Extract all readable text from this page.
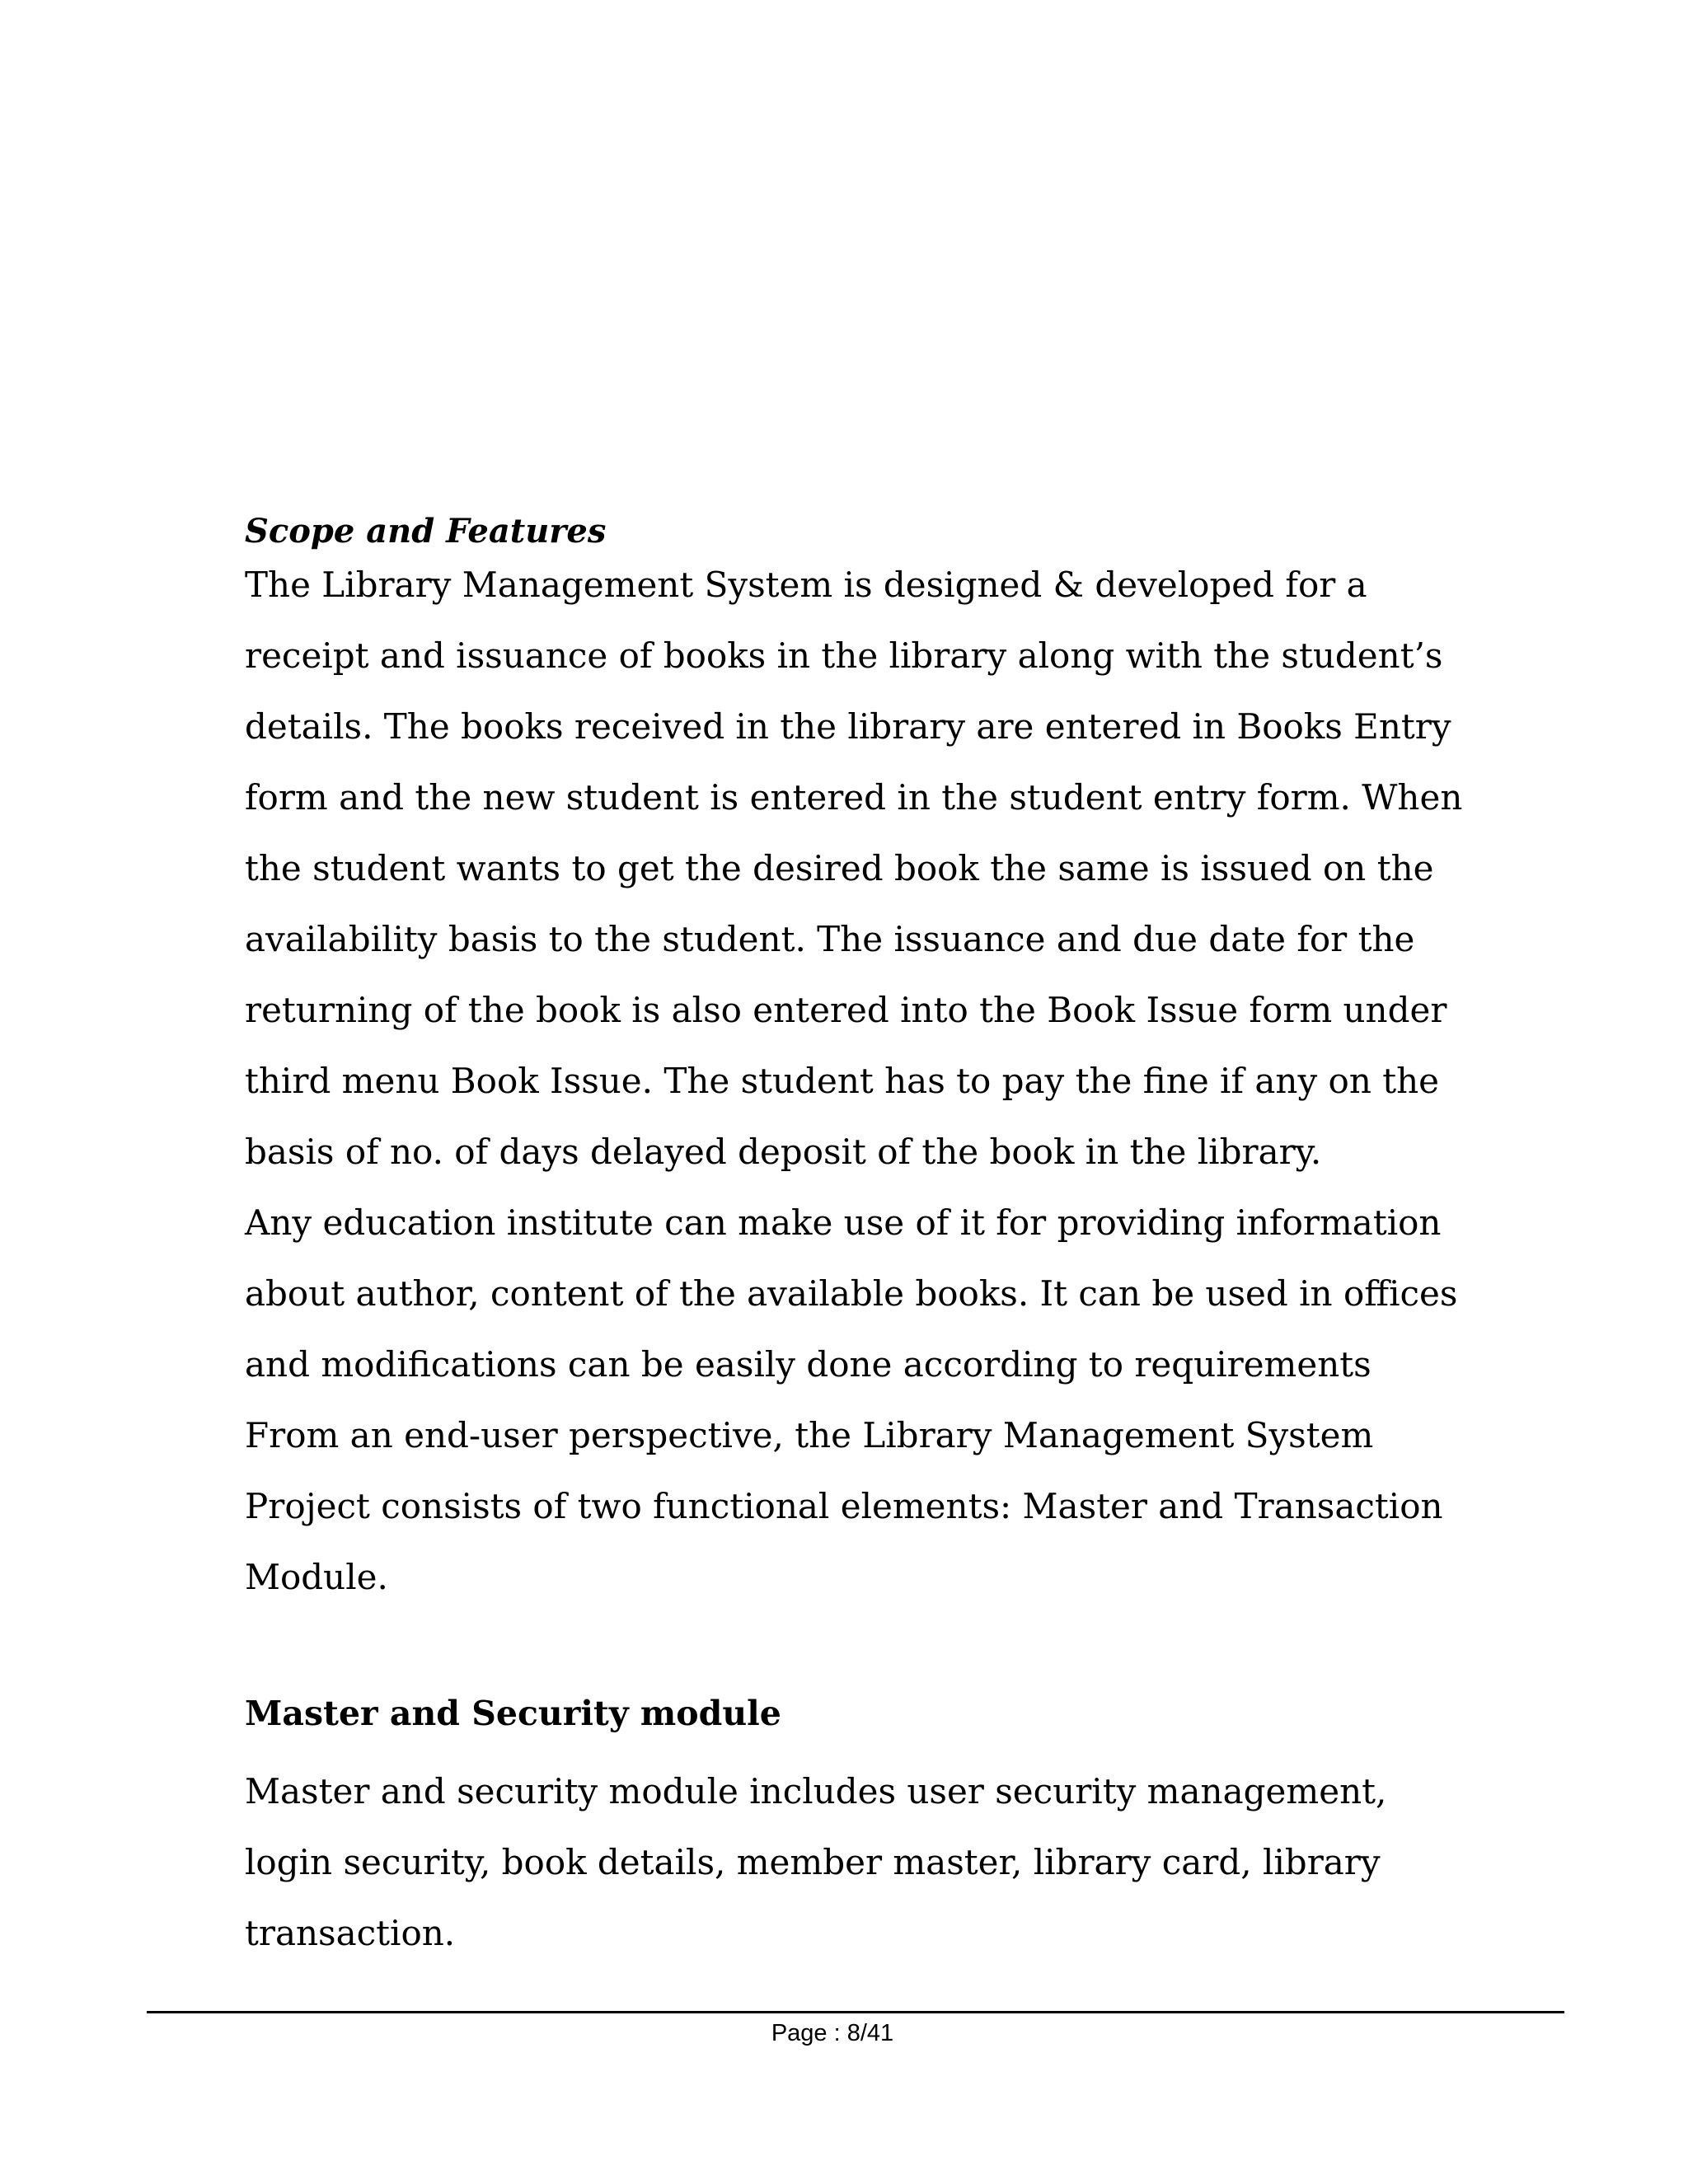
Scope and Features

The Library Management System is designed & developed for a

receipt and issuance of books in the library along with the student’s

details. The books received in the library are entered in Books Entry

form and the new student is entered in the student entry form. When

the student wants to get the desired book the same is issued on the

availability basis to the student. The issuance and due date for the

returning of the book is also entered into the Book Issue form under

third menu Book Issue. The student has to pay the fine if any on the

basis of no. of days delayed deposit of the book in the library.

Any education institute can make use of it for providing information

about author, content of the available books. It can be used in offices

and modifications can be easily done according to requirements

From an end-user perspective, the Library Management System

Project consists of two functional elements: Master and Transaction

Module.

Master and Security module

Master and security module includes user security management,

login security, book details, member master, library card, library

transaction.

Page : 8/41
